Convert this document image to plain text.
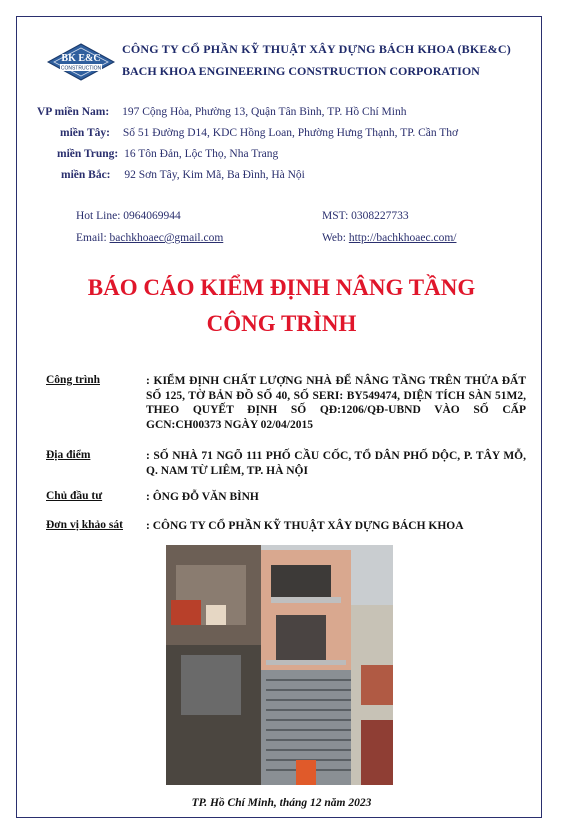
BK E&C
CONSTRUCTION
CÔNG TY CỔ PHẦN KỸ THUẬT XÂY DỰNG BÁCH KHOA (BKE&C)
BACH KHOA ENGINEERING CONSTRUCTION CORPORATION
VP miền Nam: 197 Cộng Hòa, Phường 13, Quận Tân Bình, TP. Hồ Chí Minh
miền Tây: Số 51 Đường D14, KDC Hồng Loan, Phường Hưng Thạnh, TP. Cần Thơ
miền Trung: 16 Tôn Đản, Lộc Thọ, Nha Trang
miền Bắc: 92 Sơn Tây, Kim Mã, Ba Đình, Hà Nội
Hot Line: 0964069944	MST: 0308227733
Email: bachkhoaec@gmail.com	Web: http://bachkhoaec.com/
BÁO CÁO KIỂM ĐỊNH NÂNG TẦNG
CÔNG TRÌNH
Công trình	: KIỂM ĐỊNH CHẤT LƯỢNG NHÀ ĐỂ NÂNG TẦNG TRÊN THỬA ĐẤT SỐ 125, TỜ BẢN ĐỒ SỐ 40, SỐ SERI: BY549474, DIỆN TÍCH SÀN 51M2, THEO QUYẾT ĐỊNH SỐ QĐ:1206/QĐ-UBND VÀO SỐ CẤP GCN:CH00373 NGÀY 02/04/2015
Địa điểm	: SỐ NHÀ 71 NGÕ 111 PHỐ CẦU CỐC, TỔ DÂN PHỐ DỘC, P. TÂY MỖ, Q. NAM TỪ LIÊM, TP. HÀ NỘI
Chủ đầu tư	: ÔNG ĐỖ VĂN BÌNH
Đơn vị khảo sát : CÔNG TY CỔ PHẦN KỸ THUẬT XÂY DỰNG BÁCH KHOA
TP. Hồ Chí Minh, tháng 12 năm 2023
